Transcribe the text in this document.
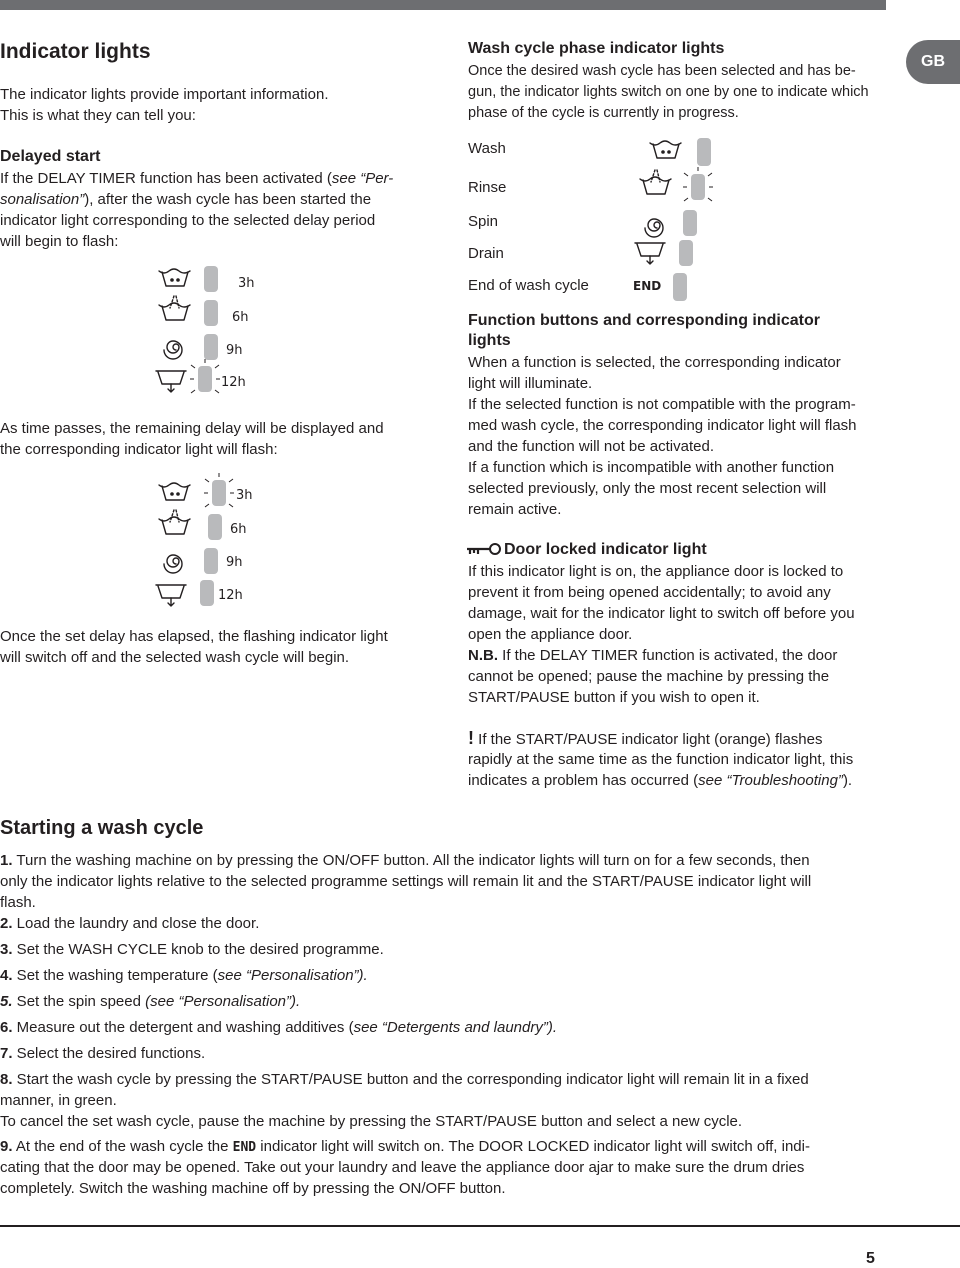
GB
5
Indicator lights
The indicator lights provide important information.
This is what they can tell you:
Delayed start
If the DELAY TIMER function has been activated (see “Per-
sonalisation”), after the wash cycle has been started the
indicator light corresponding to the selected delay period
will begin to flash:
3h
6h
9h
12h
As time passes, the remaining delay will be displayed and
the corresponding indicator light will flash:
3h
6h
9h
12h
Once the set delay has elapsed, the flashing indicator light
will switch off and the selected wash cycle will begin.
Wash cycle phase indicator lights
Once the desired wash cycle has been selected and has be-
gun, the indicator lights switch on one by one to indicate which
phase of the cycle is currently in progress.
Wash
Rinse
Spin
Drain
End of wash cycle	END
Function buttons and corresponding indicator
lights
When a function is selected, the corresponding indicator
light will illuminate.
If the selected function is not compatible with the program-
med wash cycle, the corresponding indicator light will flash
and the function will not be activated.
If a function which is incompatible with another function
selected previously, only the most recent selection will
remain active.
Door locked indicator light
If this indicator light is on, the appliance door is locked to
prevent it from being opened accidentally; to avoid any
damage, wait for the indicator light to switch off before you
open the appliance door.
N.B. If the DELAY TIMER function is activated, the door
cannot be opened; pause the machine by pressing the
START/PAUSE button if you wish to open it.
! If the START/PAUSE indicator light (orange) flashes
rapidly at the same time as the function indicator light, this
indicates a problem has occurred (see “Troubleshooting”).
Starting a wash cycle
1. Turn the washing machine on by pressing the ON/OFF button. All the indicator lights will turn on for a few seconds, then
only the indicator lights relative to the selected programme settings will remain lit and the START/PAUSE indicator light will
flash.
2. Load the laundry and close the door.
3. Set the WASH CYCLE knob to the desired programme.
4. Set the washing temperature (see “Personalisation”).
5. Set the spin speed (see “Personalisation”).
6. Measure out the detergent and washing additives (see “Detergents and laundry”).
7. Select the desired functions.
8. Start the wash cycle by pressing the START/PAUSE button and the corresponding indicator light will remain lit in a fixed
manner, in green.
To cancel the set wash cycle, pause the machine by pressing the START/PAUSE button and select a new cycle.
9. At the end of the wash cycle the END indicator light will switch on. The DOOR LOCKED indicator light will switch off, indi-
cating that the door may be opened. Take out your laundry and leave the appliance door ajar to make sure the drum dries
completely. Switch the washing machine off by pressing the ON/OFF button.
